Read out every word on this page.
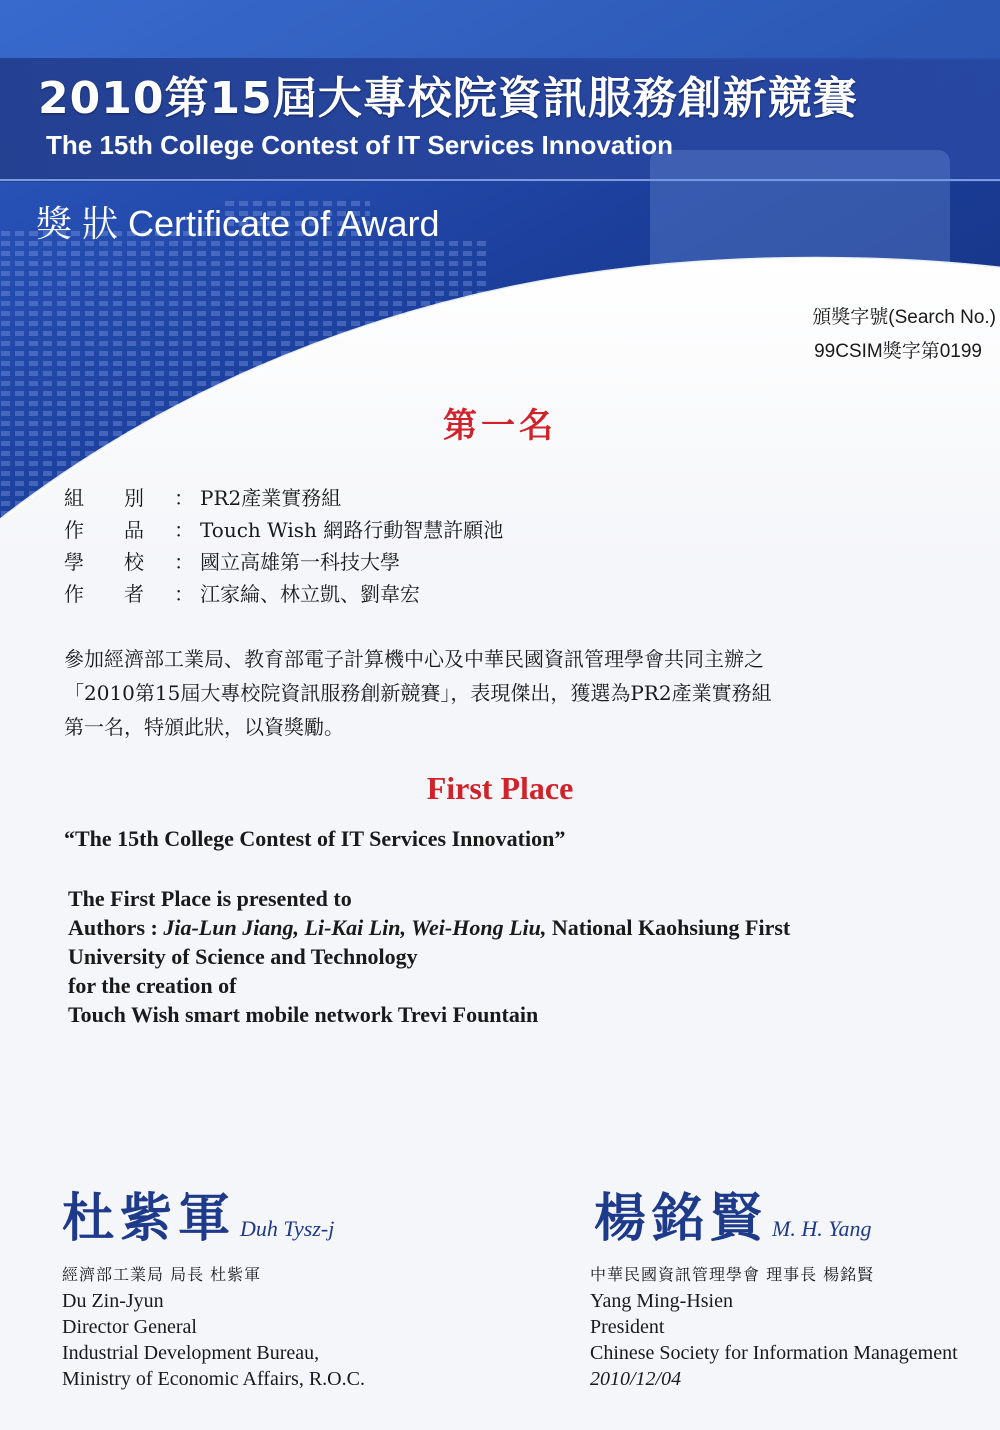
2010第15屆大專校院資訊服務創新競賽
The 15th College Contest of IT Services Innovation
獎 狀 Certificate of Award
頒獎字號(Search No.)
99CSIM獎字第0199
第一名
組　　別 ： PR2產業實務組
作　　品 ： Touch Wish 網路行動智慧許願池
學　　校 ： 國立高雄第一科技大學
作　　者 ： 江家綸、林立凱、劉韋宏
參加經濟部工業局、教育部電子計算機中心及中華民國資訊管理學會共同主辦之
「2010第15屆大專校院資訊服務創新競賽」，表現傑出，獲選為PR2產業實務組
第一名，特頒此狀，以資獎勵。
First Place
“The 15th College Contest of IT Services Innovation”
The First Place is presented to
Authors : Jia-Lun Jiang, Li-Kai Lin, Wei-Hong Liu, National Kaohsiung First
University of Science and Technology
for the creation of
Touch Wish smart mobile network Trevi Fountain
杜紫軍 Duh Tysz-j
經濟部工業局 局長 杜紫軍
Du Zin-Jyun
Director General
Industrial Development Bureau,
Ministry of Economic Affairs, R.O.C.
楊銘賢 M. H. Yang
中華民國資訊管理學會 理事長 楊銘賢
Yang Ming-Hsien
President
Chinese Society for Information Management
2010/12/04
